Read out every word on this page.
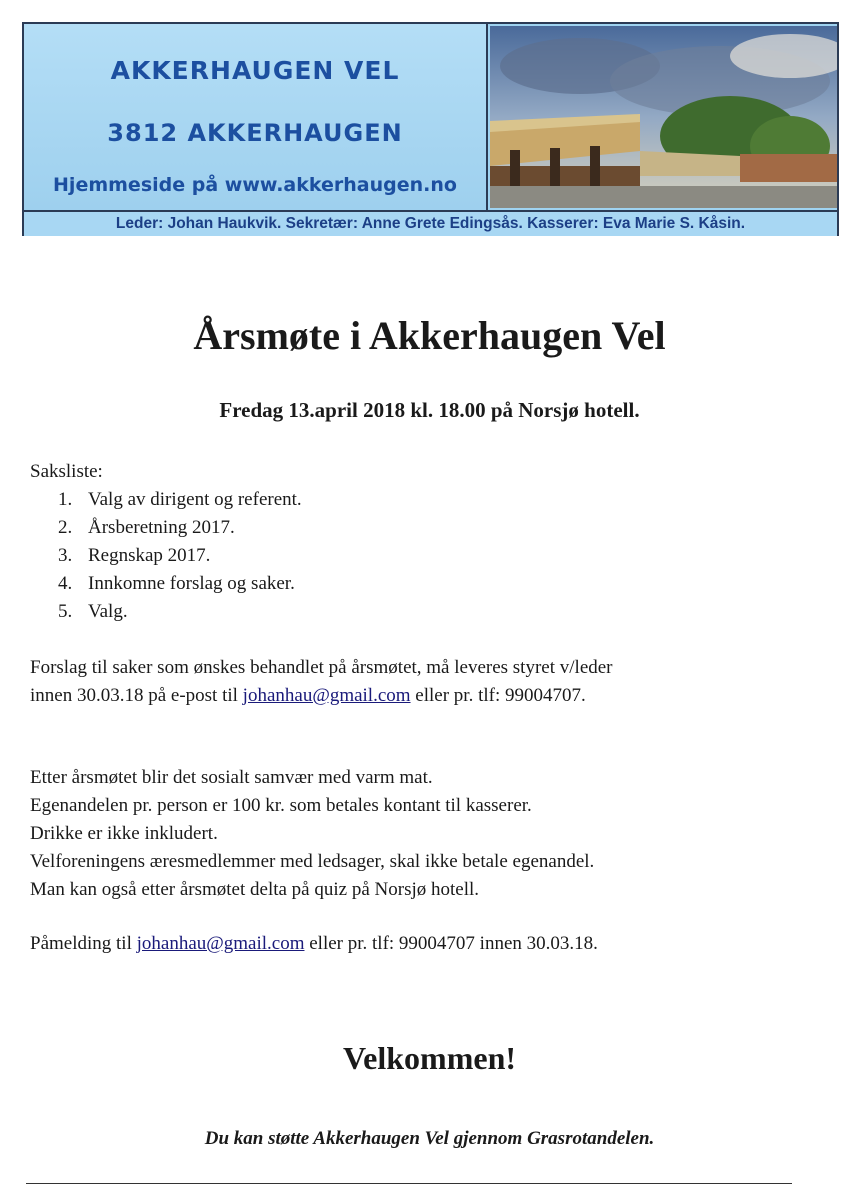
AKKERHAUGEN VEL
3812 AKKERHAUGEN
Hjemmeside på www.akkerhaugen.no
Leder: Johan Haukvik. Sekretær: Anne Grete Edingsås. Kasserer: Eva Marie S. Kåsin.
Årsmøte i Akkerhaugen Vel
Fredag 13.april 2018 kl. 18.00 på Norsjø hotell.
Saksliste:
1. Valg av dirigent og referent.
2. Årsberetning 2017.
3. Regnskap 2017.
4. Innkomne forslag og saker.
5. Valg.
Forslag til saker som ønskes behandlet på årsmøtet, må leveres styret v/leder
innen 30.03.18 på e-post til johanhau@gmail.com eller pr. tlf: 99004707.
Etter årsmøtet blir det sosialt samvær med varm mat.
Egenandelen pr. person er 100 kr. som betales kontant til kasserer.
Drikke er ikke inkludert.
Velforeningens æresmedlemmer med ledsager, skal ikke betale egenandel.
Man kan også etter årsmøtet delta på quiz på Norsjø hotell.
Påmelding til johanhau@gmail.com eller pr. tlf: 99004707 innen 30.03.18.
Velkommen!
Du kan støtte Akkerhaugen Vel gjennom Grasrotandelen.
